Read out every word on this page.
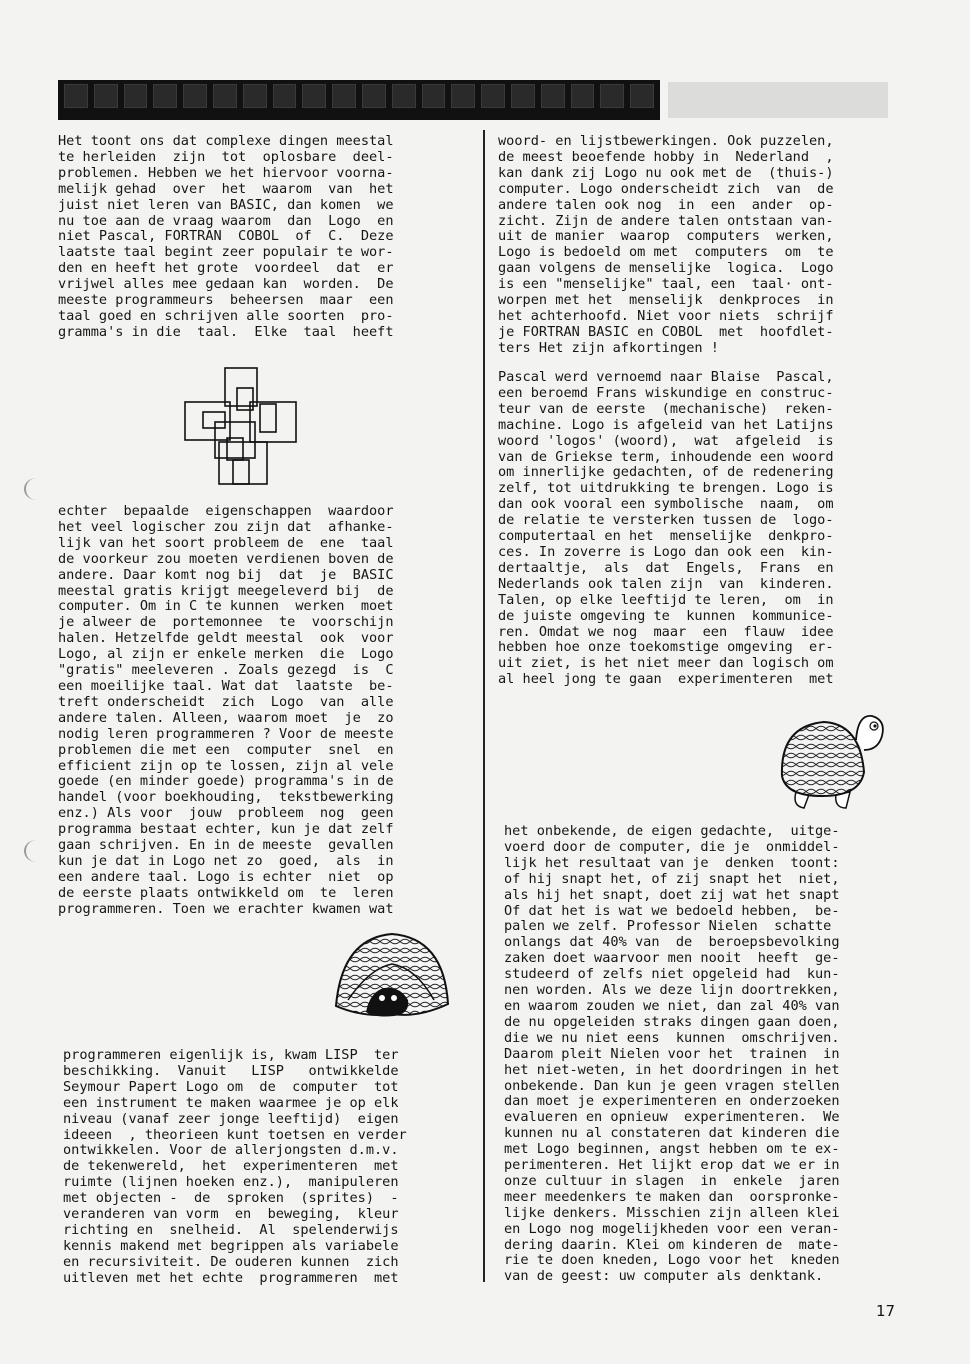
Het toont ons dat complexe dingen meestal
te herleiden  zijn  tot  oplosbare  deel-
problemen. Hebben we het hiervoor voorna-
melijk gehad  over  het  waarom  van  het
juist niet leren van BASIC, dan komen  we
nu toe aan de vraag waarom  dan  Logo  en
niet Pascal, FORTRAN  COBOL  of  C.  Deze
laatste taal begint zeer populair te wor-
den en heeft het grote  voordeel  dat  er
vrijwel alles mee gedaan kan  worden.  De
meeste programmeurs  beheersen  maar  een
taal goed en schrijven alle soorten  pro-
gramma's in die  taal.  Elke  taal  heeft
echter  bepaalde  eigenschappen  waardoor
het veel logischer zou zijn dat  afhanke-
lijk van het soort probleem de  ene  taal
de voorkeur zou moeten verdienen boven de
andere. Daar komt nog bij  dat  je  BASIC
meestal gratis krijgt meegeleverd bij  de
computer. Om in C te kunnen  werken  moet
je alweer de  portemonnee  te  voorschijn
halen. Hetzelfde geldt meestal  ook  voor
Logo, al zijn er enkele merken  die  Logo
"gratis" meeleveren . Zoals gezegd  is  C
een moeilijke taal. Wat dat  laatste  be-
treft onderscheidt  zich  Logo  van  alle
andere talen. Alleen, waarom moet  je  zo
nodig leren programmeren ? Voor de meeste
problemen die met een  computer  snel  en
efficient zijn op te lossen, zijn al vele
goede (en minder goede) programma's in de
handel (voor boekhouding,  tekstbewerking
enz.) Als voor  jouw  probleem  nog  geen
programma bestaat echter, kun je dat zelf
gaan schrijven. En in de meeste  gevallen
kun je dat in Logo net zo  goed,  als  in
een andere taal. Logo is echter  niet  op
de eerste plaats ontwikkeld om  te  leren
programmeren. Toen we erachter kwamen wat
programmeren eigenlijk is, kwam LISP  ter
beschikking.  Vanuit   LISP   ontwikkelde
Seymour Papert Logo om  de  computer  tot
een instrument te maken waarmee je op elk
niveau (vanaf zeer jonge leeftijd)  eigen
ideeen  , theorieen kunt toetsen en verder
ontwikkelen. Voor de allerjongsten d.m.v.
de tekenwereld,  het  experimenteren  met
ruimte (lijnen hoeken enz.),  manipuleren
met objecten -  de  sproken  (sprites)  -
veranderen van vorm  en  beweging,  kleur
richting en  snelheid.  Al  spelenderwijs
kennis makend met begrippen als variabele
en recursiviteit. De ouderen kunnen  zich
uitleven met het echte  programmeren  met
woord- en lijstbewerkingen. Ook puzzelen,
de meest beoefende hobby in  Nederland  ,
kan dank zij Logo nu ook met de  (thuis-)
computer. Logo onderscheidt zich  van  de
andere talen ook nog  in  een  ander  op-
zicht. Zijn de andere talen ontstaan van-
uit de manier  waarop  computers  werken,
Logo is bedoeld om met  computers  om  te
gaan volgens de menselijke  logica.  Logo
is een "menselijke" taal, een  taal· ont-
worpen met het  menselijk  denkproces  in
het achterhoofd. Niet voor niets  schrijf
je FORTRAN BASIC en COBOL  met  hoofdlet-
ters Het zijn afkortingen !
Pascal werd vernoemd naar Blaise  Pascal,
een beroemd Frans wiskundige en construc-
teur van de eerste  (mechanische)  reken-
machine. Logo is afgeleid van het Latijns
woord 'logos' (woord),  wat  afgeleid  is
van de Griekse term, inhoudende een woord
om innerlijke gedachten, of de redenering
zelf, tot uitdrukking te brengen. Logo is
dan ook vooral een symbolische  naam,  om
de relatie te versterken tussen de  logo-
computertaal en het  menselijke  denkpro-
ces. In zoverre is Logo dan ook een  kin-
dertaaltje,  als  dat  Engels,  Frans  en
Nederlands ook talen zijn  van  kinderen.
Talen, op elke leeftijd te leren,  om  in
de juiste omgeving te  kunnen  kommunice-
ren. Omdat we nog  maar  een  flauw  idee
hebben hoe onze toekomstige omgeving  er-
uit ziet, is het niet meer dan logisch om
al heel jong te gaan  experimenteren  met
het onbekende, de eigen gedachte,  uitge-
voerd door de computer, die je  onmiddel-
lijk het resultaat van je  denken  toont:
of hij snapt het, of zij snapt het  niet,
als hij het snapt, doet zij wat het snapt
Of dat het is wat we bedoeld hebben,  be-
palen we zelf. Professor Nielen  schatte
onlangs dat 40% van  de  beroepsbevolking
zaken doet waarvoor men nooit  heeft  ge-
studeerd of zelfs niet opgeleid had  kun-
nen worden. Als we deze lijn doortrekken,
en waarom zouden we niet, dan zal 40% van
de nu opgeleiden straks dingen gaan doen,
die we nu niet eens  kunnen  omschrijven.
Daarom pleit Nielen voor het  trainen  in
het niet-weten, in het doordringen in het
onbekende. Dan kun je geen vragen stellen
dan moet je experimenteren en onderzoeken
evalueren en opnieuw  experimenteren.  We
kunnen nu al constateren dat kinderen die
met Logo beginnen, angst hebben om te ex-
perimenteren. Het lijkt erop dat we er in
onze cultuur in slagen  in  enkele  jaren
meer meedenkers te maken dan  oorspronke-
lijke denkers. Misschien zijn alleen klei
en Logo nog mogelijkheden voor een veran-
dering daarin. Klei om kinderen de  mate-
rie te doen kneden, Logo voor het  kneden
van de geest: uw computer als denktank.
17
